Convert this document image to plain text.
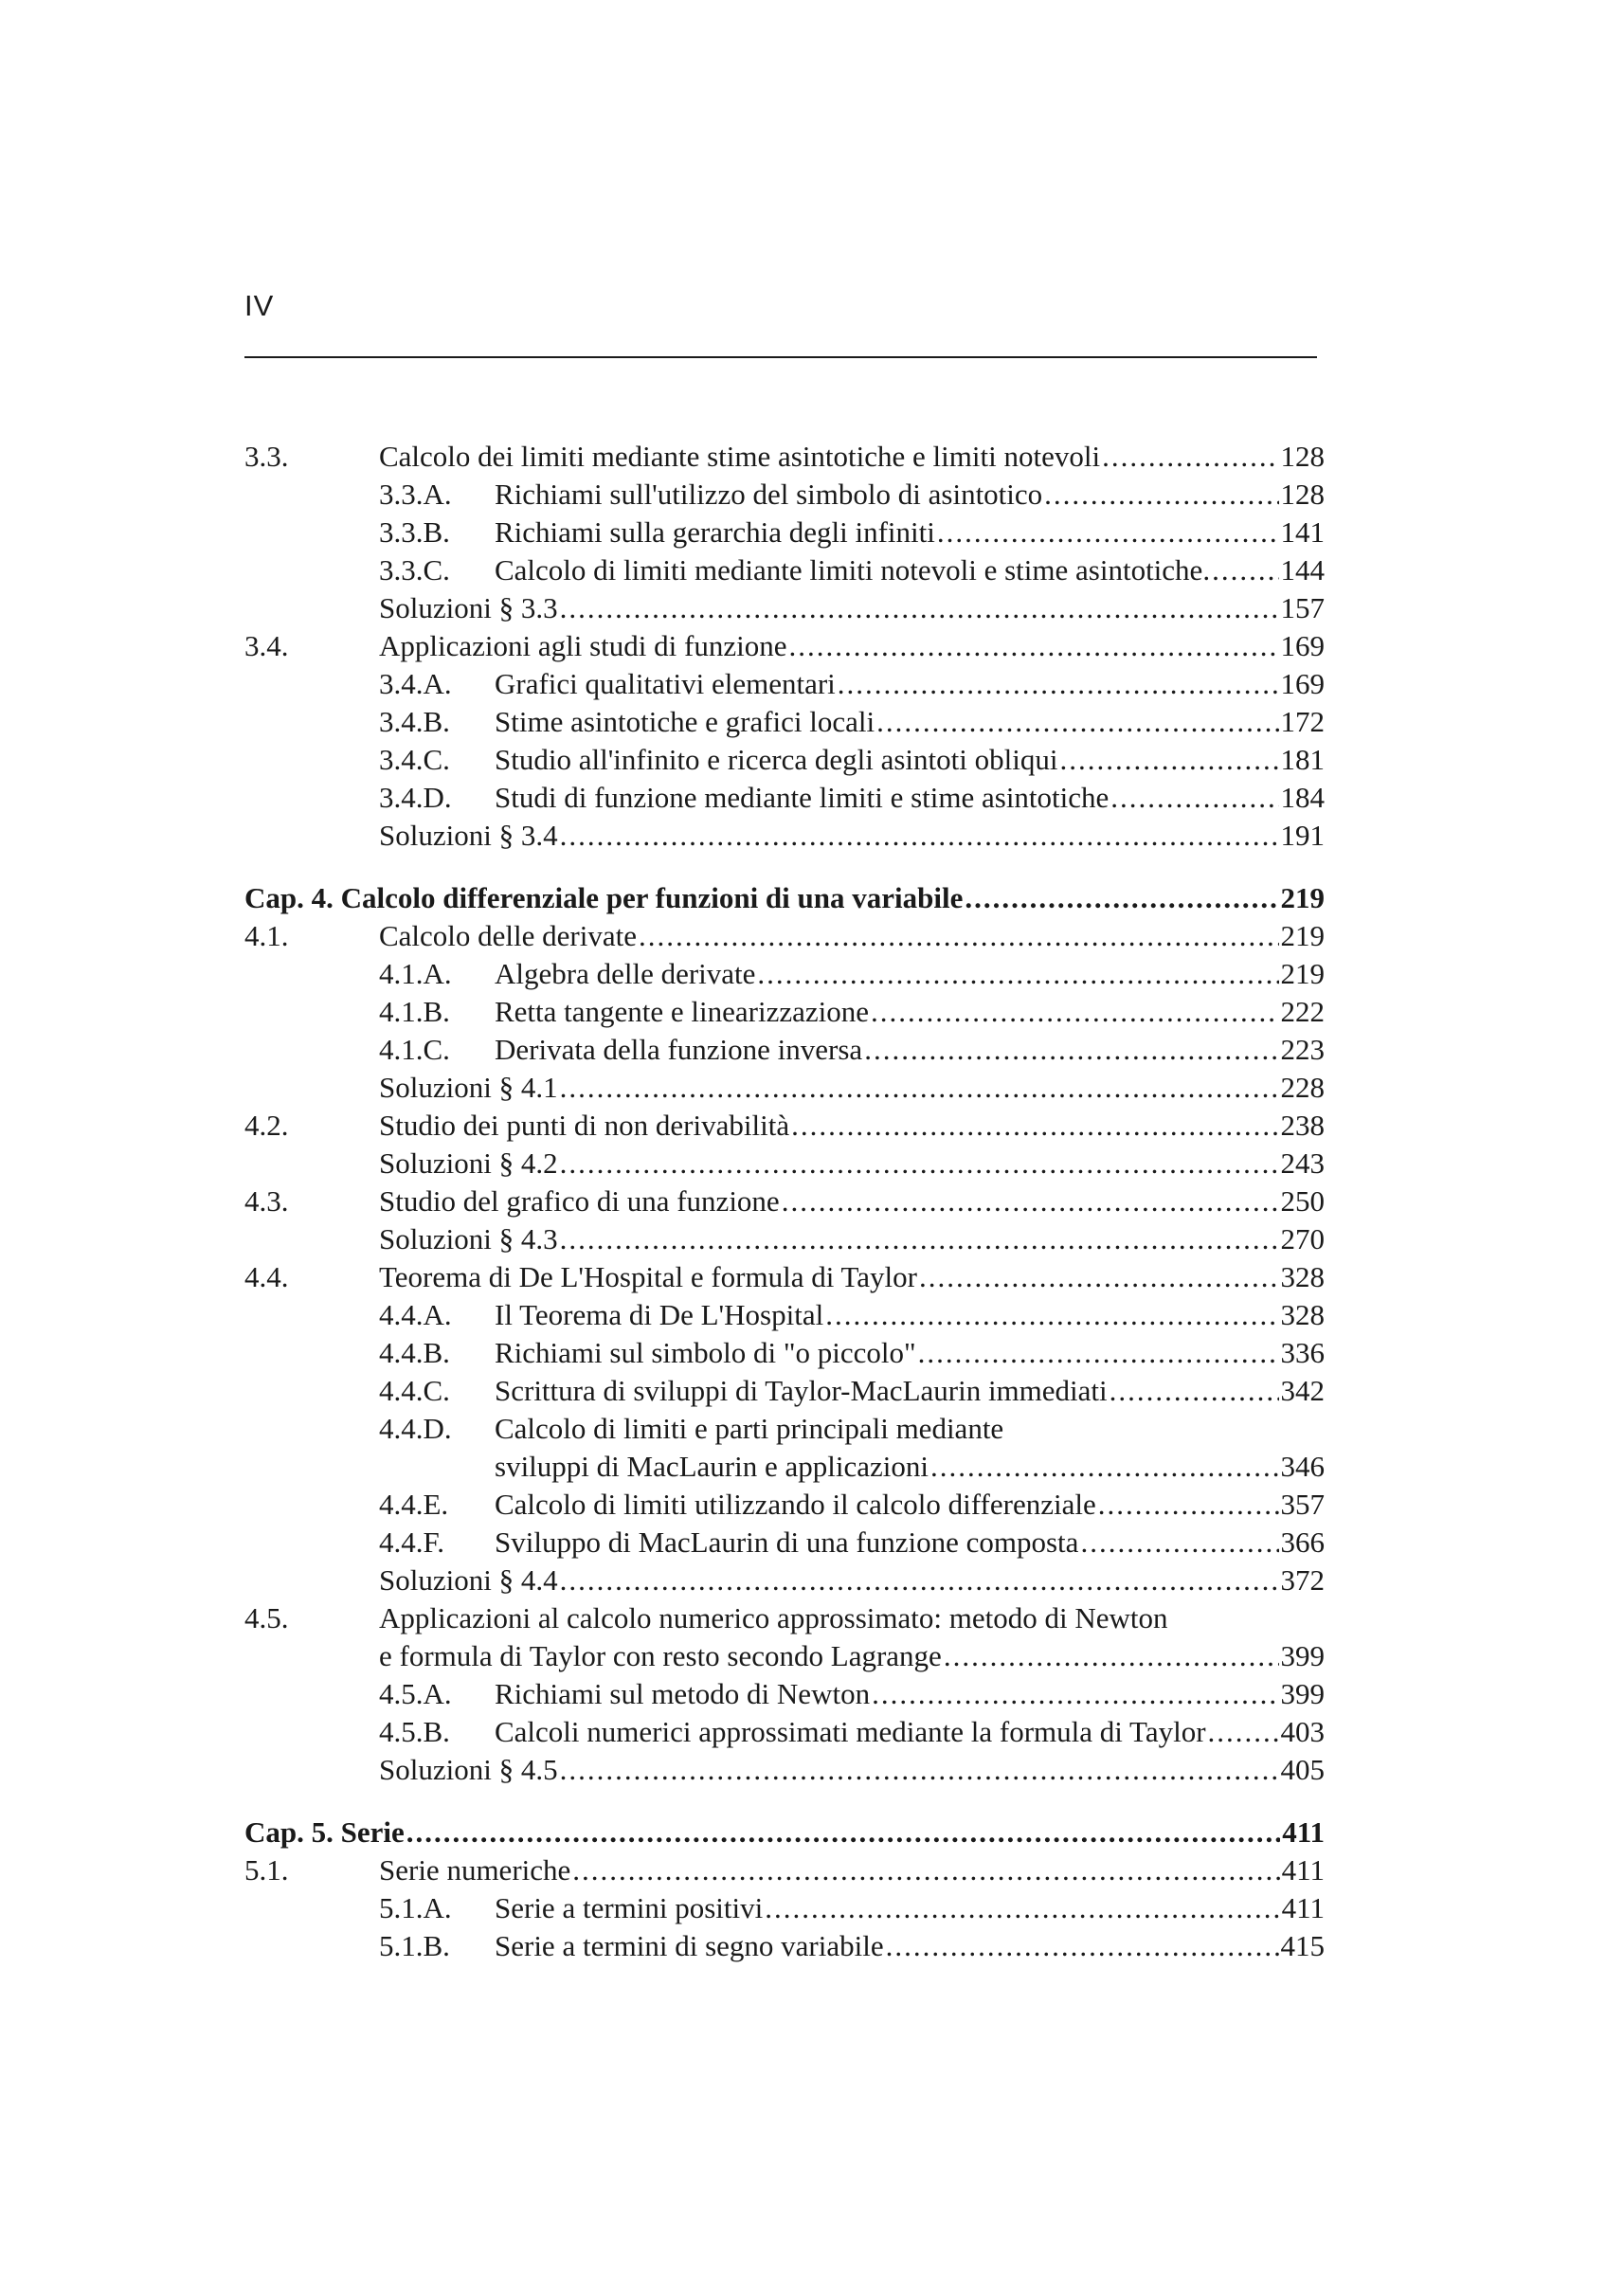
IV
3.3.	Calcolo dei limiti mediante stime asintotiche e limiti notevoli .....	128
3.3.A. Richiami sull'utilizzo del simbolo di asintotico .....	128
3.3.B. Richiami sulla gerarchia degli infiniti .....	141
3.3.C. Calcolo di limiti mediante limiti notevoli e stime asintotiche. ..... 144
Soluzioni § 3.3 .....	157
3.4.	Applicazioni agli studi di funzione .....	169
3.4.A. Grafici qualitativi elementari .....	169
3.4.B. Stime asintotiche e grafici locali .....	172
3.4.C. Studio all'infinito e ricerca degli asintoti obliqui .....	181
3.4.D. Studi di funzione mediante limiti e stime asintotiche .....	184
Soluzioni § 3.4 .....	191
Cap. 4. Calcolo differenziale per funzioni di una variabile .....	219
4.1.	Calcolo delle derivate .....	219
4.1.A. Algebra delle derivate .....	219
4.1.B. Retta tangente e linearizzazione .....	222
4.1.C. Derivata della funzione inversa .....	223
Soluzioni § 4.1 .....	228
4.2.	Studio dei punti di non derivabilità .....	238
Soluzioni § 4.2 .....	243
4.3.	Studio del grafico di una funzione .....	250
Soluzioni § 4.3 .....	270
4.4.	Teorema di De L'Hospital e formula di Taylor .....	328
4.4.A. Il Teorema di De L'Hospital .....	328
4.4.B. Richiami sul simbolo di "o piccolo" .....	336
4.4.C. Scrittura di sviluppi di Taylor-MacLaurin immediati .....	342
4.4.D. Calcolo di limiti e parti principali mediante
sviluppi di MacLaurin e applicazioni .....	346
4.4.E. Calcolo di limiti utilizzando il calcolo differenziale .....	357
4.4.F. Sviluppo di MacLaurin di una funzione composta .....	366
Soluzioni § 4.4 .....	372
4.5.	Applicazioni al calcolo numerico approssimato: metodo di Newton
e formula di Taylor con resto secondo Lagrange .....	399
4.5.A. Richiami sul metodo di Newton .....	399
4.5.B. Calcoli numerici approssimati mediante la formula di Taylor .....	403
Soluzioni § 4.5 .....	405
Cap. 5. Serie .....	411
5.1.	Serie numeriche .....	411
5.1.A. Serie a termini positivi .....	411
5.1.B. Serie a termini di segno variabile .....	415
